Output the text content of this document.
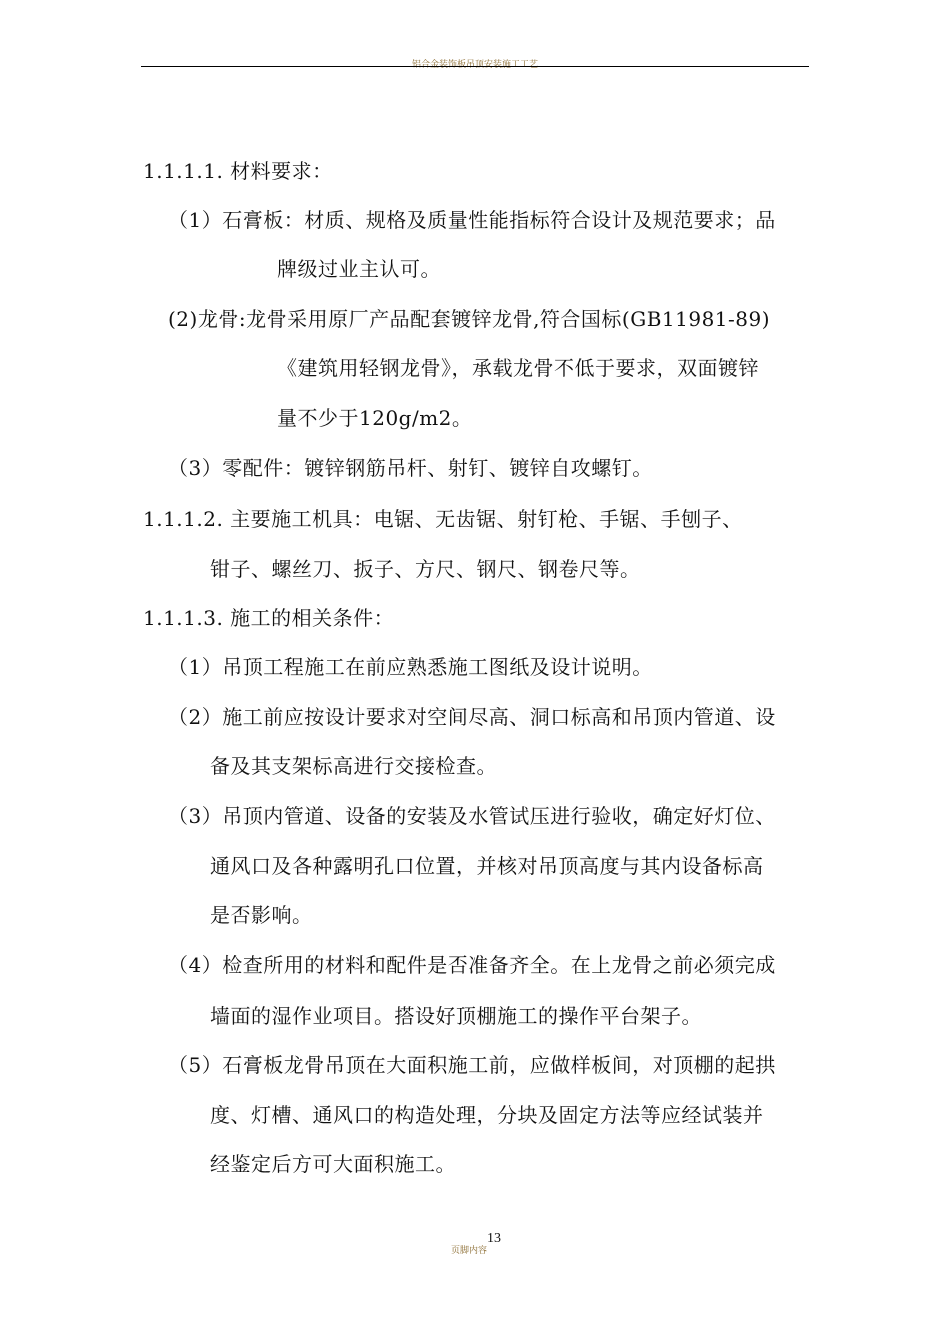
铝合金装饰板吊顶安装施工工艺
1.1.1.1. 材料要求：
（1）石膏板：材质、规格及质量性能指标符合设计及规范要求；品
牌级过业主认可。
(2)龙骨:龙骨采用原厂产品配套镀锌龙骨,符合国标(GB11981-89)
《建筑用轻钢龙骨》，承载龙骨不低于要求，双面镀锌
量不少于120g/m2。
（3）零配件：镀锌钢筋吊杆、射钉、镀锌自攻螺钉。
1.1.1.2. 主要施工机具：电锯、无齿锯、射钉枪、手锯、手刨子、
钳子、螺丝刀、扳子、方尺、钢尺、钢卷尺等。
1.1.1.3. 施工的相关条件：
（1）吊顶工程施工在前应熟悉施工图纸及设计说明。
（2）施工前应按设计要求对空间尽高、洞口标高和吊顶内管道、设
备及其支架标高进行交接检查。
（3）吊顶内管道、设备的安装及水管试压进行验收，确定好灯位、
通风口及各种露明孔口位置，并核对吊顶高度与其内设备标高
是否影响。
（4）检查所用的材料和配件是否准备齐全。在上龙骨之前必须完成
墙面的湿作业项目。搭设好顶棚施工的操作平台架子。
（5）石膏板龙骨吊顶在大面积施工前，应做样板间，对顶棚的起拱
度、灯槽、通风口的构造处理，分块及固定方法等应经试装并
经鉴定后方可大面积施工。
13
页脚内容
